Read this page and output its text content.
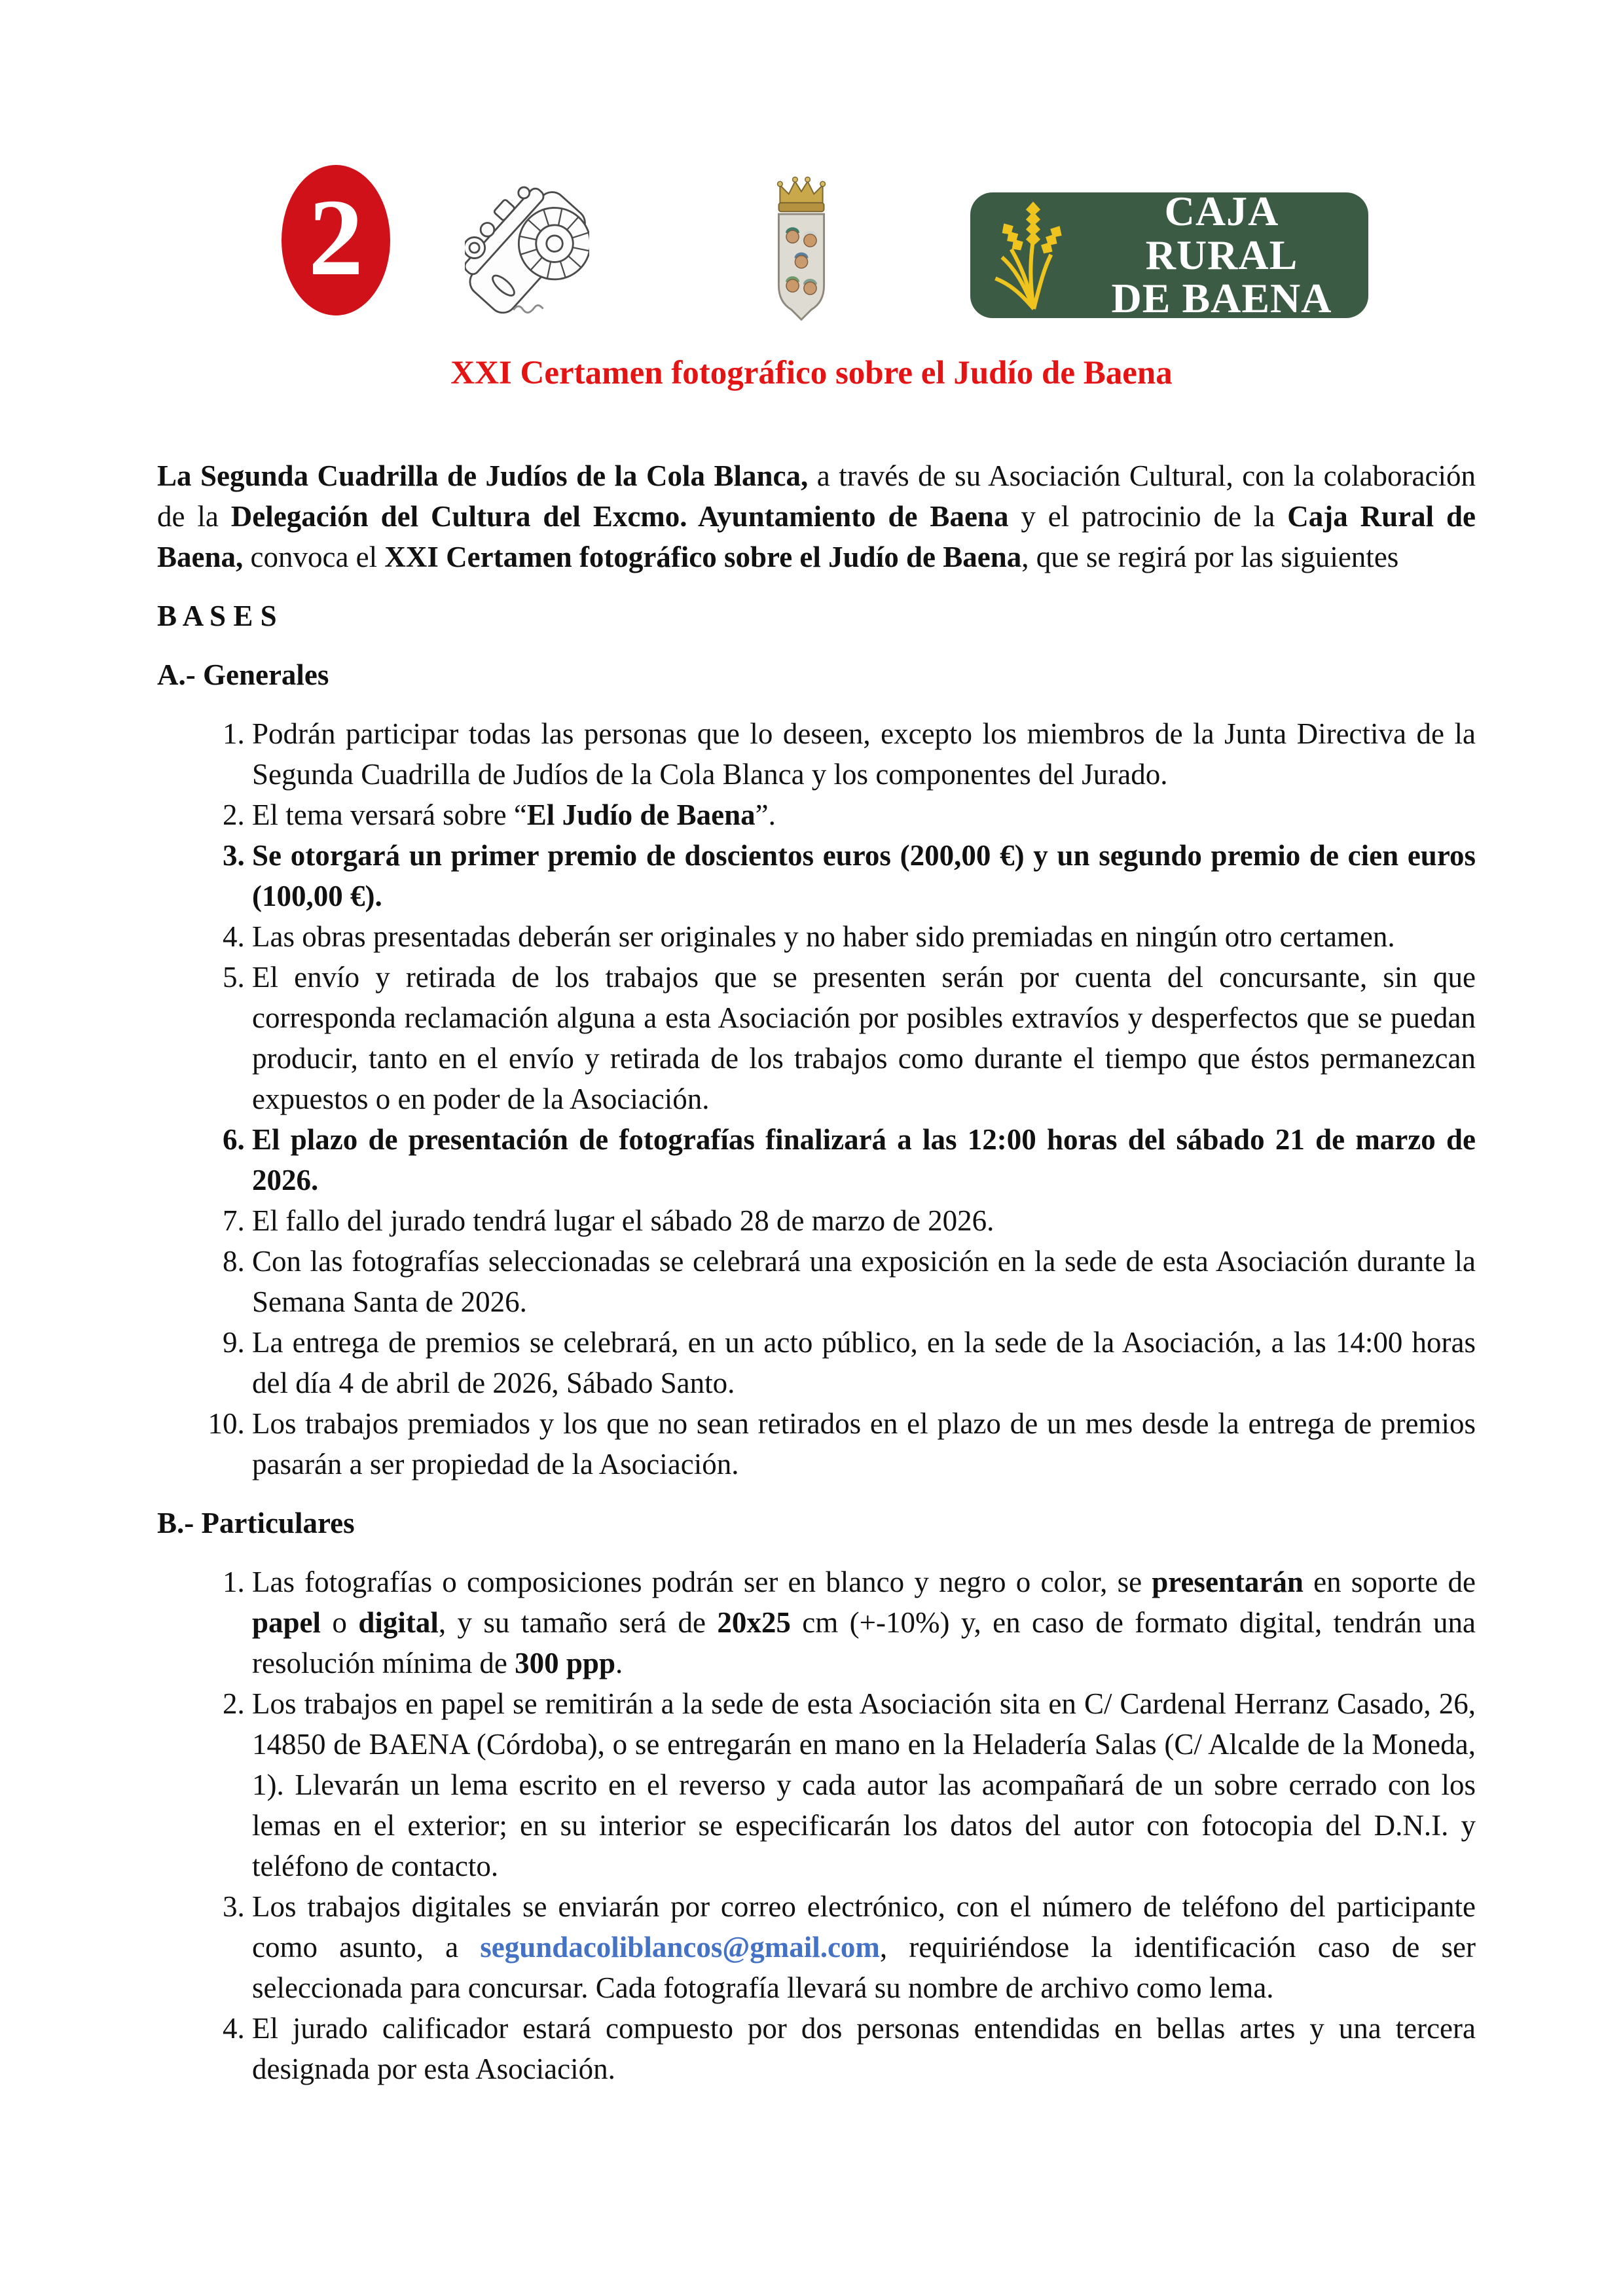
2	CAJA RURAL
DE BAENA
XXI Certamen fotográfico sobre el Judío de Baena

La Segunda Cuadrilla de Judíos de la Cola Blanca, a través de su Asociación Cultural, con la colaboración de la Delegación del Cultura del Excmo. Ayuntamiento de Baena y el patrocinio de la Caja Rural de Baena, convoca el XXI Certamen fotográfico sobre el Judío de Baena, que se regirá por las siguientes

B A S E S

A.- Generales

1. Podrán participar todas las personas que lo deseen, excepto los miembros de la Junta Directiva de la Segunda Cuadrilla de Judíos de la Cola Blanca y los componentes del Jurado.
2. El tema versará sobre “El Judío de Baena”.
3. Se otorgará un primer premio de doscientos euros (200,00 €) y un segundo premio de cien euros (100,00 €).
4. Las obras presentadas deberán ser originales y no haber sido premiadas en ningún otro certamen.
5. El envío y retirada de los trabajos que se presenten serán por cuenta del concursante, sin que corresponda reclamación alguna a esta Asociación por posibles extravíos y desperfectos que se puedan producir, tanto en el envío y retirada de los trabajos como durante el tiempo que éstos permanezcan expuestos o en poder de la Asociación.
6. El plazo de presentación de fotografías finalizará a las 12:00 horas del sábado 21 de marzo de 2026.
7. El fallo del jurado tendrá lugar el sábado 28 de marzo de 2026.
8. Con las fotografías seleccionadas se celebrará una exposición en la sede de esta Asociación durante la Semana Santa de 2026.
9. La entrega de premios se celebrará, en un acto público, en la sede de la Asociación, a las 14:00 horas del día 4 de abril de 2026, Sábado Santo.
10. Los trabajos premiados y los que no sean retirados en el plazo de un mes desde la entrega de premios pasarán a ser propiedad de la Asociación.

B.- Particulares

1. Las fotografías o composiciones podrán ser en blanco y negro o color, se presentarán en soporte de papel o digital, y su tamaño será de 20x25 cm (+-10%) y, en caso de formato digital, tendrán una resolución mínima de 300 ppp.
2. Los trabajos en papel se remitirán a la sede de esta Asociación sita en C/ Cardenal Herranz Casado, 26, 14850 de BAENA (Córdoba), o se entregarán en mano en la Heladería Salas (C/ Alcalde de la Moneda, 1). Llevarán un lema escrito en el reverso y cada autor las acompañará de un sobre cerrado con los lemas en el exterior; en su interior se especificarán los datos del autor con fotocopia del D.N.I. y teléfono de contacto.
3. Los trabajos digitales se enviarán por correo electrónico, con el número de teléfono del participante como asunto, a segundacoliblancos@gmail.com, requiriéndose la identificación caso de ser seleccionada para concursar. Cada fotografía llevará su nombre de archivo como lema.
4. El jurado calificador estará compuesto por dos personas entendidas en bellas artes y una tercera designada por esta Asociación.
